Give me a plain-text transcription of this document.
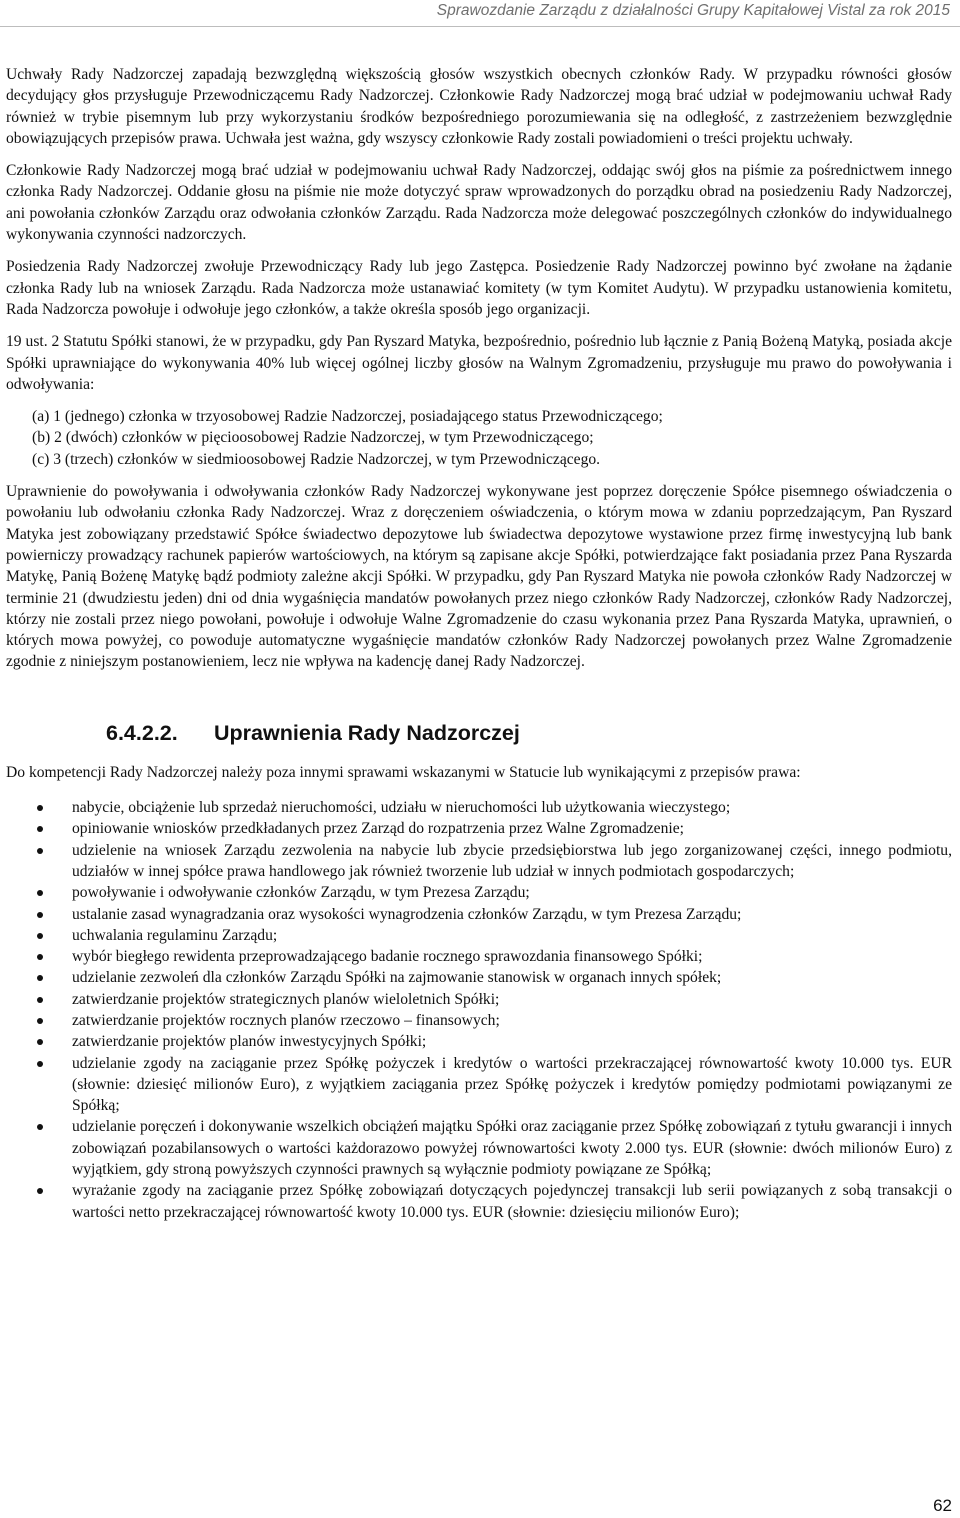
Sprawozdanie Zarządu z działalności Grupy Kapitałowej Vistal za rok 2015

Uchwały Rady Nadzorczej zapadają bezwzględną większością głosów wszystkich obecnych członków Rady. W przypadku równości głosów decydujący głos przysługuje Przewodniczącemu Rady Nadzorczej. Członkowie Rady Nadzorczej mogą brać udział w podejmowaniu uchwał Rady również w trybie pisemnym lub przy wykorzystaniu środków bezpośredniego porozumiewania się na odległość, z zastrzeżeniem bezwzględnie obowiązujących przepisów prawa. Uchwała jest ważna, gdy wszyscy członkowie Rady zostali powiadomieni o treści projektu uchwały.

Członkowie Rady Nadzorczej mogą brać udział w podejmowaniu uchwał Rady Nadzorczej, oddając swój głos na piśmie za pośrednictwem innego członka Rady Nadzorczej. Oddanie głosu na piśmie nie może dotyczyć spraw wprowadzonych do porządku obrad na posiedzeniu Rady Nadzorczej, ani powołania członków Zarządu oraz odwołania członków Zarządu. Rada Nadzorcza może delegować poszczególnych członków do indywidualnego wykonywania czynności nadzorczych.

Posiedzenia Rady Nadzorczej zwołuje Przewodniczący Rady lub jego Zastępca. Posiedzenie Rady Nadzorczej powinno być zwołane na żądanie członka Rady lub na wniosek Zarządu. Rada Nadzorcza może ustanawiać komitety (w tym Komitet Audytu). W przypadku ustanowienia komitetu, Rada Nadzorcza powołuje i odwołuje jego członków, a także określa sposób jego organizacji.

19 ust. 2 Statutu Spółki stanowi, że w przypadku, gdy Pan Ryszard Matyka, bezpośrednio, pośrednio lub łącznie z Panią Bożeną Matyką, posiada akcje Spółki uprawniające do wykonywania 40% lub więcej ogólnej liczby głosów na Walnym Zgromadzeniu, przysługuje mu prawo do powoływania i odwoływania:

(a) 1 (jednego) członka w trzyosobowej Radzie Nadzorczej, posiadającego status Przewodniczącego;
(b) 2 (dwóch) członków w pięcioosobowej Radzie Nadzorczej, w tym Przewodniczącego;
(c) 3 (trzech) członków w siedmioosobowej Radzie Nadzorczej, w tym Przewodniczącego.

Uprawnienie do powoływania i odwoływania członków Rady Nadzorczej wykonywane jest poprzez doręczenie Spółce pisemnego oświadczenia o powołaniu lub odwołaniu członka Rady Nadzorczej. Wraz z doręczeniem oświadczenia, o którym mowa w zdaniu poprzedzającym, Pan Ryszard Matyka jest zobowiązany przedstawić Spółce świadectwo depozytowe lub świadectwa depozytowe wystawione przez firmę inwestycyjną lub bank powierniczy prowadzący rachunek papierów wartościowych, na którym są zapisane akcje Spółki, potwierdzające fakt posiadania przez Pana Ryszarda Matykę, Panią Bożenę Matykę bądź podmioty zależne akcji Spółki. W przypadku, gdy Pan Ryszard Matyka nie powoła członków Rady Nadzorczej w terminie 21 (dwudziestu jeden) dni od dnia wygaśnięcia mandatów powołanych przez niego członków Rady Nadzorczej, członków Rady Nadzorczej, którzy nie zostali przez niego powołani, powołuje i odwołuje Walne Zgromadzenie do czasu wykonania przez Pana Ryszarda Matyka, uprawnień, o których mowa powyżej, co powoduje automatyczne wygaśnięcie mandatów członków Rady Nadzorczej powołanych przez Walne Zgromadzenie zgodnie z niniejszym postanowieniem, lecz nie wpływa na kadencję danej Rady Nadzorczej.

6.4.2.2. Uprawnienia Rady Nadzorczej

Do kompetencji Rady Nadzorczej należy poza innymi sprawami wskazanymi w Statucie lub wynikającymi z przepisów prawa:

nabycie, obciążenie lub sprzedaż nieruchomości, udziału w nieruchomości lub użytkowania wieczystego;
opiniowanie wniosków przedkładanych przez Zarząd do rozpatrzenia przez Walne Zgromadzenie;
udzielenie na wniosek Zarządu zezwolenia na nabycie lub zbycie przedsiębiorstwa lub jego zorganizowanej części, innego podmiotu, udziałów w innej spółce prawa handlowego jak również tworzenie lub udział w innych podmiotach gospodarczych;
powoływanie i odwoływanie członków Zarządu, w tym Prezesa Zarządu;
ustalanie zasad wynagradzania oraz wysokości wynagrodzenia członków Zarządu, w tym Prezesa Zarządu;
uchwalania regulaminu Zarządu;
wybór biegłego rewidenta przeprowadzającego badanie rocznego sprawozdania finansowego Spółki;
udzielanie zezwoleń dla członków Zarządu Spółki na zajmowanie stanowisk w organach innych spółek;
zatwierdzanie projektów strategicznych planów wieloletnich Spółki;
zatwierdzanie projektów rocznych planów rzeczowo – finansowych;
zatwierdzanie projektów planów inwestycyjnych Spółki;
udzielanie zgody na zaciąganie przez Spółkę pożyczek i kredytów o wartości przekraczającej równowartość kwoty 10.000 tys. EUR (słownie: dziesięć milionów Euro), z wyjątkiem zaciągania przez Spółkę pożyczek i kredytów pomiędzy podmiotami powiązanymi ze Spółką;
udzielanie poręczeń i dokonywanie wszelkich obciążeń majątku Spółki oraz zaciąganie przez Spółkę zobowiązań z tytułu gwarancji i innych zobowiązań pozabilansowych o wartości każdorazowo powyżej równowartości kwoty 2.000 tys. EUR (słownie: dwóch milionów Euro) z wyjątkiem, gdy stroną powyższych czynności prawnych są wyłącznie podmioty powiązane ze Spółką;
wyrażanie zgody na zaciąganie przez Spółkę zobowiązań dotyczących pojedynczej transakcji lub serii powiązanych z sobą transakcji o wartości netto przekraczającej równowartość kwoty 10.000 tys. EUR (słownie: dziesięciu milionów Euro);
62
